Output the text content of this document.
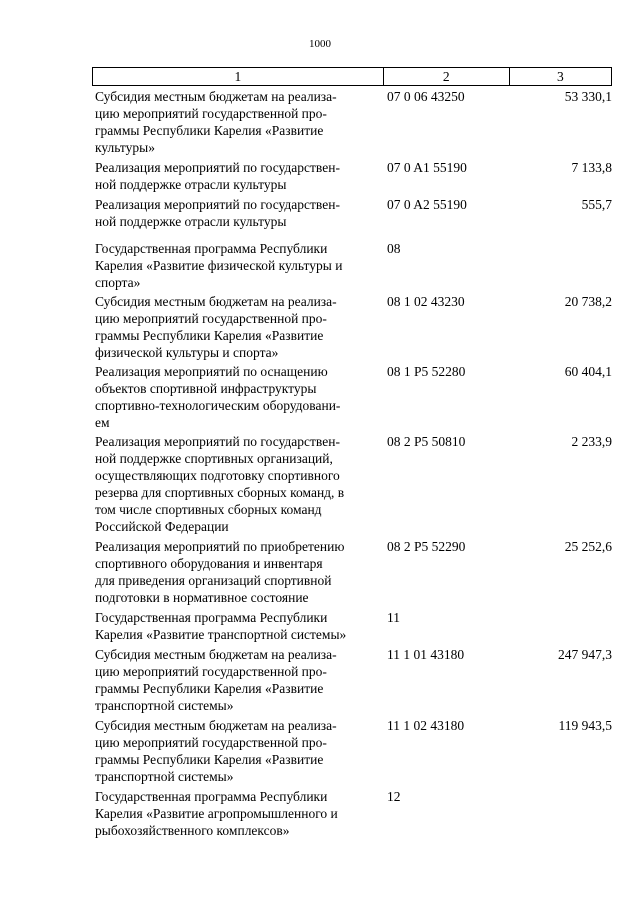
1000
1	2	3
Субсидия местным бюджетам на реализа-
цию мероприятий государственной про-
граммы Республики Карелия «Развитие
культуры»
07 0 06 43250	53 330,1
Реализация мероприятий по государствен-
ной поддержке отрасли культуры
07 0 A1 55190	7 133,8
Реализация мероприятий по государствен-
ной поддержке отрасли культуры
07 0 A2 55190	555,7
Государственная программа Республики
Карелия «Развитие физической культуры и
спорта»
08
Субсидия местным бюджетам на реализа-
цию мероприятий государственной про-
граммы Республики Карелия «Развитие
физической культуры и спорта»
08 1 02 43230	20 738,2
Реализация мероприятий по оснащению
объектов спортивной инфраструктуры
спортивно-технологическим оборудовани-
ем
08 1 P5 52280	60 404,1
Реализация мероприятий по государствен-
ной поддержке спортивных организаций,
осуществляющих подготовку спортивного
резерва для спортивных сборных команд, в
том числе спортивных сборных команд
Российской Федерации
08 2 P5 50810	2 233,9
Реализация мероприятий по приобретению
спортивного оборудования и инвентаря
для приведения организаций спортивной
подготовки в нормативное состояние
08 2 P5 52290	25 252,6
Государственная программа Республики
Карелия «Развитие транспортной системы»
11
Субсидия местным бюджетам на реализа-
цию мероприятий государственной про-
граммы Республики Карелия «Развитие
транспортной системы»
11 1 01 43180	247 947,3
Субсидия местным бюджетам на реализа-
цию мероприятий государственной про-
граммы Республики Карелия «Развитие
транспортной системы»
11 1 02 43180	119 943,5
Государственная программа Республики
Карелия «Развитие агропромышленного и
рыбохозяйственного комплексов»
12
